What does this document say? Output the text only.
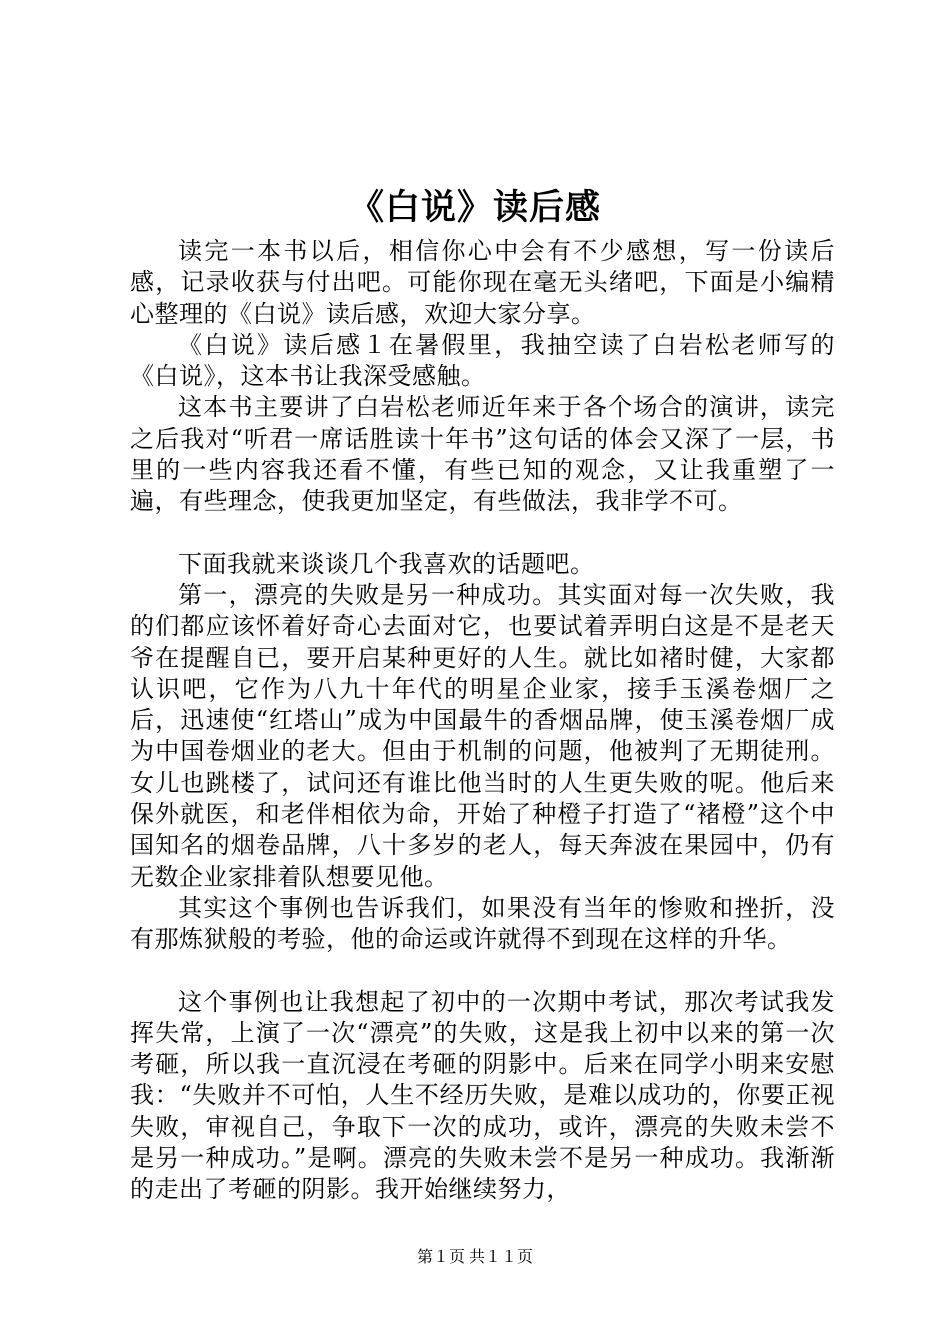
《白说》读后感

读完一本书以后，相信你心中会有不少感想，写一份读后感，记录收获与付出吧。可能你现在毫无头绪吧，下面是小编精心整理的《白说》读后感，欢迎大家分享。

《白说》读后感１在暑假里，我抽空读了白岩松老师写的《白说》，这本书让我深受感触。

这本书主要讲了白岩松老师近年来于各个场合的演讲，读完之后我对“听君一席话胜读十年书”这句话的体会又深了一层，书里的一些内容我还看不懂，有些已知的观念，又让我重塑了一遍，有些理念，使我更加坚定，有些做法，我非学不可。

下面我就来谈谈几个我喜欢的话题吧。

第一，漂亮的失败是另一种成功。其实面对每一次失败，我的们都应该怀着好奇心去面对它，也要试着弄明白这是不是老天爷在提醒自已，要开启某种更好的人生。就比如褚时健，大家都认识吧，它作为八九十年代的明星企业家，接手玉溪卷烟厂之后，迅速使“红塔山”成为中国最牛的香烟品牌，使玉溪卷烟厂成为中国卷烟业的老大。但由于机制的问题，他被判了无期徒刑。女儿也跳楼了，试问还有谁比他当时的人生更失败的呢。他后来保外就医，和老伴相依为命，开始了种橙子打造了“褚橙”这个中国知名的烟卷品牌，八十多岁的老人，每天奔波在果园中，仍有无数企业家排着队想要见他。

其实这个事例也告诉我们，如果没有当年的惨败和挫折，没有那炼狱般的考验，他的命运或许就得不到现在这样的升华。

这个事例也让我想起了初中的一次期中考试，那次考试我发挥失常，上演了一次“漂亮”的失败，这是我上初中以来的第一次考砸，所以我一直沉浸在考砸的阴影中。后来在同学小明来安慰我：“失败并不可怕，人生不经历失败，是难以成功的，你要正视失败，审视自己，争取下一次的成功，或许，漂亮的失败未尝不是另一种成功。”是啊。漂亮的失败未尝不是另一种成功。我渐渐的走出了考砸的阴影。我开始继续努力，

第１页 共１１页
